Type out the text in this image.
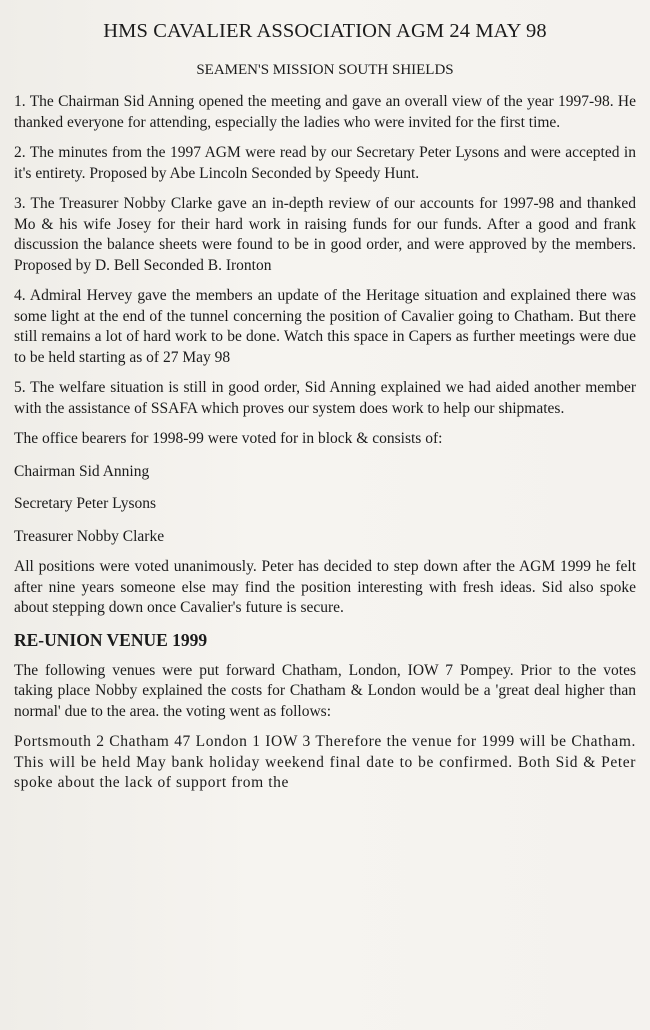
HMS CAVALIER ASSOCIATION AGM 24 MAY 98
SEAMEN'S MISSION SOUTH SHIELDS

1. The Chairman Sid Anning opened the meeting and gave an overall view of the year 1997-98. He thanked everyone for attending, especially the ladies who were invited for the first time.

2. The minutes from the 1997 AGM were read by our Secretary Peter Lysons and were accepted in it's entirety. Proposed by Abe Lincoln Seconded by Speedy Hunt.

3. The Treasurer Nobby Clarke gave an in-depth review of our accounts for 1997-98 and thanked Mo & his wife Josey for their hard work in raising funds for our funds. After a good and frank discussion the balance sheets were found to be in good order, and were approved by the members. Proposed by D. Bell Seconded B. Ironton

4. Admiral Hervey gave the members an update of the Heritage situation and explained there was some light at the end of the tunnel concerning the position of Cavalier going to Chatham. But there still remains a lot of hard work to be done. Watch this space in Capers as further meetings were due to be held starting as of 27 May 98

5. The welfare situation is still in good order, Sid Anning explained we had aided another member with the assistance of SSAFA which proves our system does work to help our shipmates.

The office bearers for 1998-99 were voted for in block & consists of:

Chairman Sid Anning

Secretary Peter Lysons

Treasurer Nobby Clarke

All positions were voted unanimously. Peter has decided to step down after the AGM 1999 he felt after nine years someone else may find the position interesting with fresh ideas. Sid also spoke about stepping down once Cavalier's future is secure.

RE-UNION VENUE 1999

The following venues were put forward Chatham, London, IOW 7 Pompey. Prior to the votes taking place Nobby explained the costs for Chatham & London would be a 'great deal higher than normal' due to the area. the voting went as follows:

Portsmouth 2 Chatham 47 London 1 IOW 3 Therefore the venue for 1999 will be Chatham. This will be held May bank holiday weekend final date to be confirmed. Both Sid & Peter spoke about the lack of support from the
